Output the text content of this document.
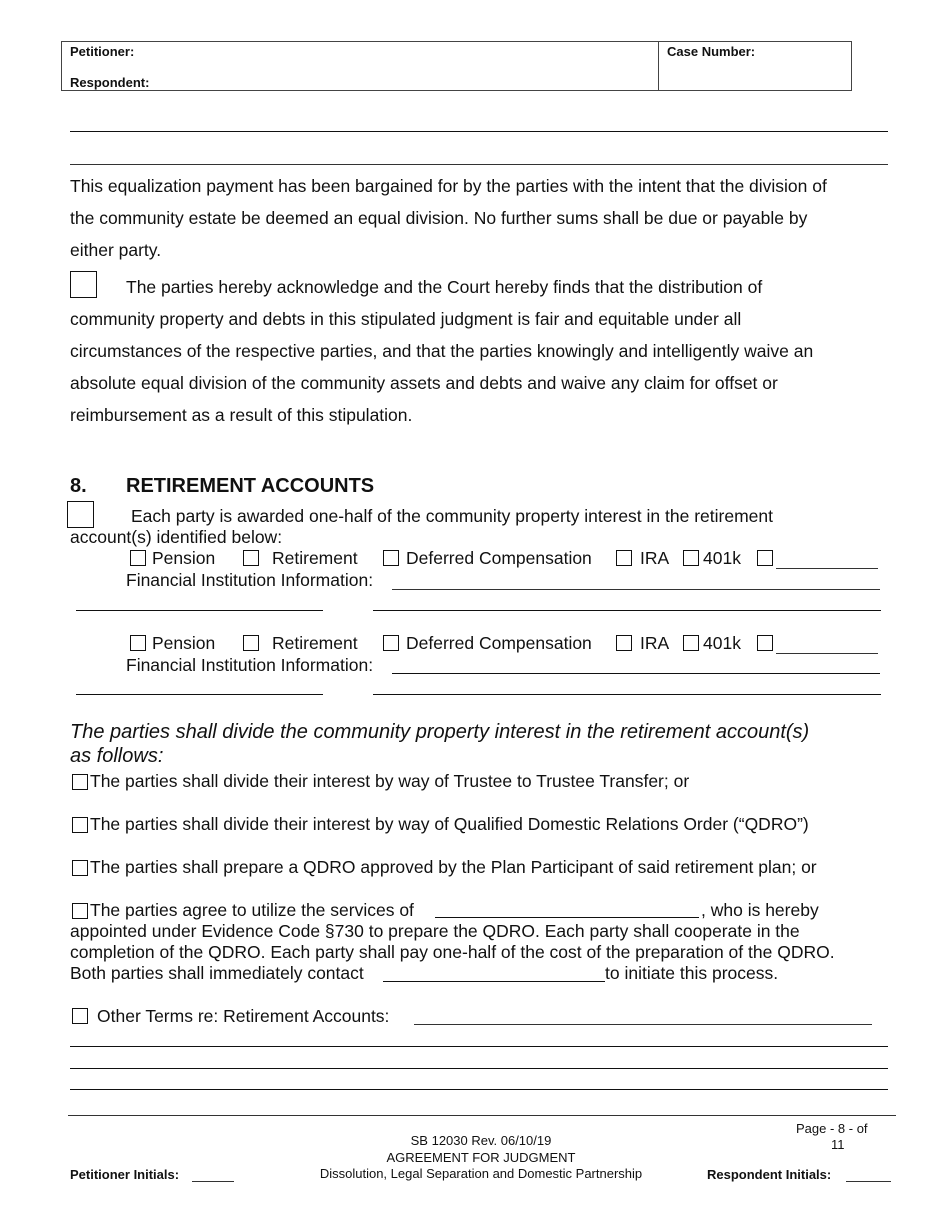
Petitioner:
Respondent:
Case Number:
This equalization payment has been bargained for by the parties with the intent that the division of
the community estate be deemed an equal division. No further sums shall be due or payable by
either party.
The parties hereby acknowledge and the Court hereby finds that the distribution of
community property and debts in this stipulated judgment is fair and equitable under all
circumstances of the respective parties, and that the parties knowingly and intelligently waive an
absolute equal division of the community assets and debts and waive any claim for offset or
reimbursement as a result of this stipulation.
8. RETIREMENT ACCOUNTS
Each party is awarded one-half of the community property interest in the retirement
account(s) identified below:
Pension	Retirement	Deferred Compensation	IRA 401k
Financial Institution Information:
Pension	Retirement	Deferred Compensation	IRA 401k
Financial Institution Information:
The parties shall divide the community property interest in the retirement account(s)
as follows:
The parties shall divide their interest by way of Trustee to Trustee Transfer; or
The parties shall divide their interest by way of Qualified Domestic Relations Order (“QDRO”)
The parties shall prepare a QDRO approved by the Plan Participant of said retirement plan; or
The parties agree to utilize the services of	, who is hereby
appointed under Evidence Code §730 to prepare the QDRO. Each party shall cooperate in the
completion of the QDRO. Each party shall pay one-half of the cost of the preparation of the QDRO.
Both parties shall immediately contact	to initiate this process.
Other Terms re: Retirement Accounts:
Page - 8 - of
11
SB 12030 Rev. 06/10/19
AGREEMENT FOR JUDGMENT
Dissolution, Legal Separation and Domestic Partnership
Petitioner Initials:	Respondent Initials:
